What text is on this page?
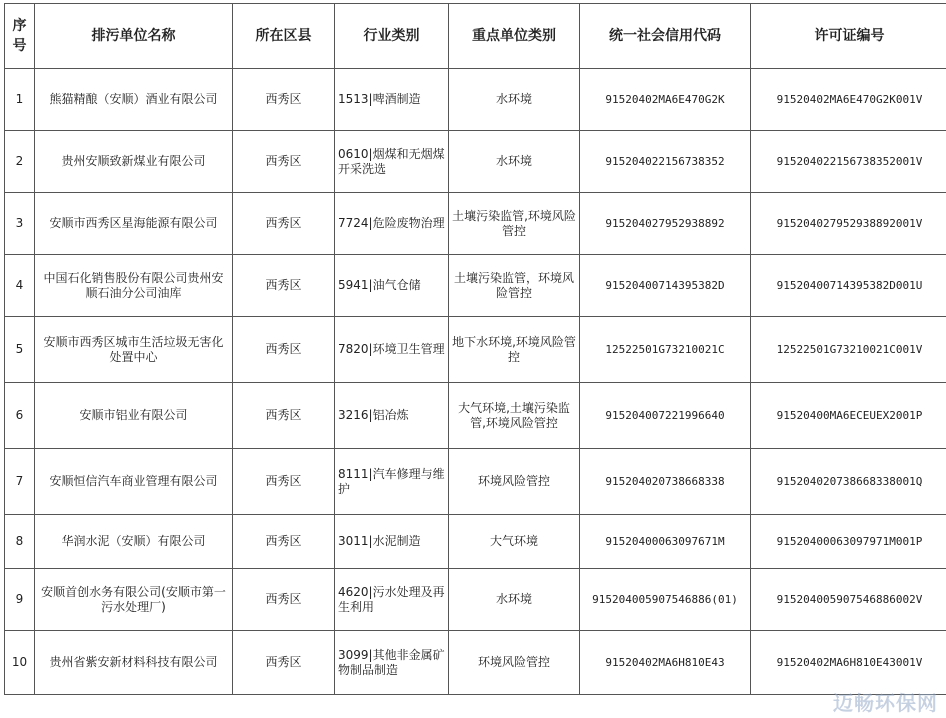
序号	排污单位名称	所在区县	行业类别	重点单位类别	统一社会信用代码	许可证编号
1	熊猫精酿（安顺）酒业有限公司	西秀区	1513|啤酒制造	水环境	91520402MA6E470G2K	91520402MA6E470G2K001V
2	贵州安顺致新煤业有限公司	西秀区	0610|烟煤和无烟煤开采洗选	水环境	915204022156738352	915204022156738352001V
3	安顺市西秀区星海能源有限公司	西秀区	7724|危险废物治理	土壤污染监管,环境风险管控	915204027952938892	915204027952938892001V
4	中国石化销售股份有限公司贵州安顺石油分公司油库	西秀区	5941|油气仓储	土壤污染监管，环境风险管控	91520400714395382D	91520400714395382D001U
5	安顺市西秀区城市生活垃圾无害化处置中心	西秀区	7820|环境卫生管理	地下水环境,环境风险管控	12522501G73210021C	12522501G73210021C001V
6	安顺市铝业有限公司	西秀区	3216|铝冶炼	大气环境,土壤污染监管,环境风险管控	915204007221996640	91520400MA6ECEUEX2001P
7	安顺恒信汽车商业管理有限公司	西秀区	8111|汽车修理与维护	环境风险管控	915204020738668338	915204020738668338001Q
8	华润水泥（安顺）有限公司	西秀区	3011|水泥制造	大气环境	91520400063097671M	91520400063097971M001P
9	安顺首创水务有限公司(安顺市第一污水处理厂)	西秀区	4620|污水处理及再生利用	水环境	915204005907546886(01)	915204005907546886002V
10	贵州省紫安新材料科技有限公司	西秀区	3099|其他非金属矿物制品制造	环境风险管控	91520402MA6H810E43	91520402MA6H810E43001V
迈畅环保网
